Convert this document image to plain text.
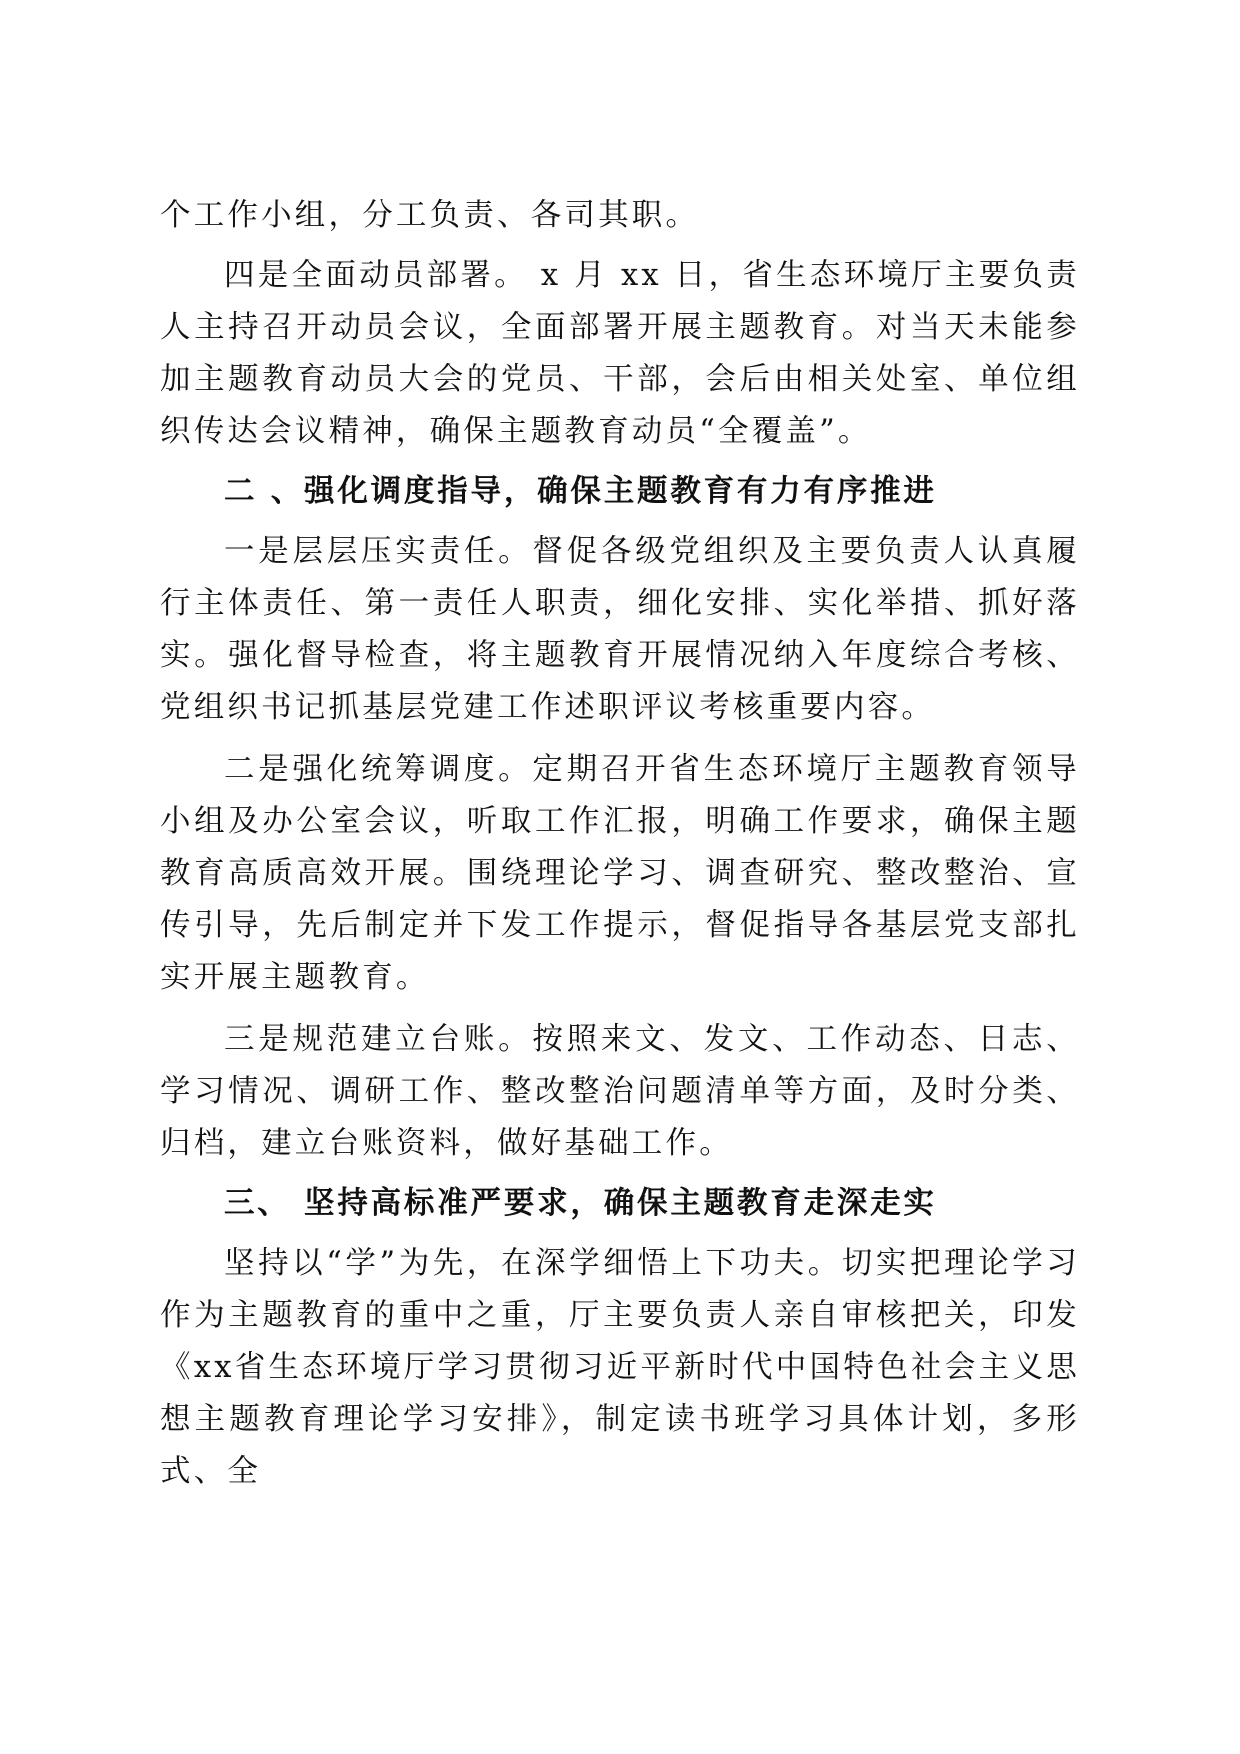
个工作小组，分工负责、各司其职。

四是全面动员部署。 x 月 xx 日，省生态环境厅主要负责人主持召开动员会议，全面部署开展主题教育。对当天未能参加主题教育动员大会的党员、干部，会后由相关处室、单位组织传达会议精神，确保主题教育动员“全覆盖”。

二 、强化调度指导，确保主题教育有力有序推进

一是层层压实责任。督促各级党组织及主要负责人认真履行主体责任、第一责任人职责，细化安排、实化举措、抓好落实。强化督导检查，将主题教育开展情况纳入年度综合考核、党组织书记抓基层党建工作述职评议考核重要内容。

二是强化统筹调度。定期召开省生态环境厅主题教育领导小组及办公室会议，听取工作汇报，明确工作要求，确保主题教育高质高效开展。围绕理论学习、调查研究、整改整治、宣传引导，先后制定并下发工作提示，督促指导各基层党支部扎实开展主题教育。

三是规范建立台账。按照来文、发文、工作动态、日志、学习情况、调研工作、整改整治问题清单等方面，及时分类、归档，建立台账资料，做好基础工作。

三、 坚持高标准严要求，确保主题教育走深走实

坚持以“学”为先，在深学细悟上下功夫。切实把理论学习作为主题教育的重中之重，厅主要负责人亲自审核把关，印发《xx省生态环境厅学习贯彻习近平新时代中国特色社会主义思想主题教育理论学习安排》，制定读书班学习具体计划，多形式、全
